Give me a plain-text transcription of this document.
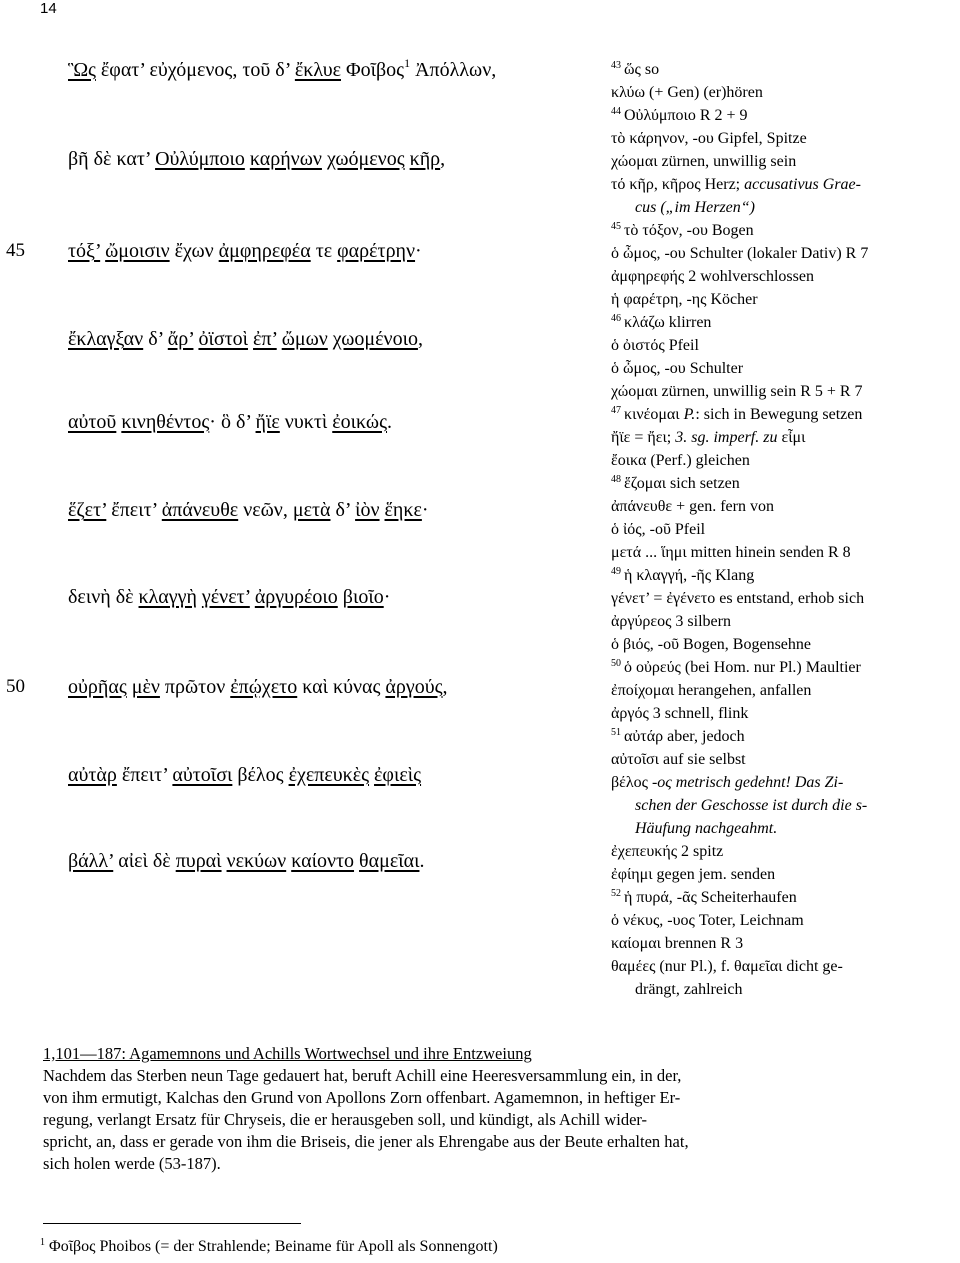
14
45
50
Ὣς ἔφατ’ εὐχόμενος, τοῦ δ’ ἔκλυε Φοῖβος$^1$ Ἀπόλλων,
βῆ δὲ κατ’ Οὐλύμποιο καρήνων χωόμενος κῆρ,
τόξ’ ὤμοισιν ἔχων ἀμφηρεφέα τε φαρέτρην·
ἔκλαγξαν δ’ ἄρ’ ὀϊστοὶ ἐπ’ ὤμων χωομένοιο,
αὐτοῦ κινηθέντος· ὃ δ’ ἤϊε νυκτὶ ἐοικώς.
ἕζετ’ ἔπειτ’ ἀπάνευθε νεῶν, μετὰ δ’ ἰὸν ἕηκε·
δεινὴ δὲ κλαγγὴ γένετ’ ἀργυρέοιο βιοῖο·
οὐρῆας μὲν πρῶτον ἐπῴχετο καὶ κύνας ἀργούς,
αὐτὰρ ἔπειτ’ αὐτοῖσι βέλος ἐχεπευκὲς ἐφιεὶς
βάλλ’ αἰεὶ δὲ πυραὶ νεκύων καίοντο θαμεῖαι.
$^{43}$ ὥς so
κλύω (+ Gen) (er)hören
$^{44}$ Οὐλύμποιο R 2 + 9
τὸ κάρηνον, -ου Gipfel, Spitze
χώομαι zürnen, unwillig sein
τό κῆρ, κῆρος Herz; accusativus Grae-
cus („im Herzen“)
$^{45}$ τὸ τόξον, -ου Bogen
ὁ ὦμος, -ου Schulter (lokaler Dativ) R 7
ἀμφηρεφής 2 wohlverschlossen
ἡ φαρέτρη, -ης Köcher
$^{46}$ κλάζω klirren
ὁ ὀιστός Pfeil
ὁ ὦμος, -ου Schulter
χώομαι zürnen, unwillig sein R 5 + R 7
$^{47}$ κινέομαι P.: sich in Bewegung setzen
ἤϊε = ἤει; 3. sg. imperf. zu εἶμι
ἔοικα (Perf.) gleichen
$^{48}$ ἕζομαι sich setzen
ἀπάνευθε + gen. fern von
ὁ ἰός, -οῦ Pfeil
μετά ... ἵημι mitten hinein senden R 8
$^{49}$ ἡ κλαγγή, -ῆς Klang
γένετ’ = ἐγένετο es entstand, erhob sich
ἀργύρεος 3 silbern
ὁ βιός, -οῦ Bogen, Bogensehne
$^{50}$ ὁ οὐρεύς (bei Hom. nur Pl.) Maultier
ἐποίχομαι herangehen, anfallen
ἀργός 3 schnell, flink
$^{51}$ αὐτάρ aber, jedoch
αὐτοῖσι auf sie selbst
βέλος -ος metrisch gedehnt! Das Zi-
schen der Geschosse ist durch die s-
Häufung nachgeahmt.
ἐχεπευκής 2 spitz
ἐφίημι gegen jem. senden
$^{52}$ ἡ πυρά, -ᾶς Scheiterhaufen
ὁ νέκυς, -υος Toter, Leichnam
καίομαι brennen R 3
θαμέες (nur Pl.), f. θαμεῖαι dicht ge-
drängt, zahlreich
1,101—187: Agamemnons und Achills Wortwechsel und ihre Entzweiung
Nachdem das Sterben neun Tage gedauert hat, beruft Achill eine Heeresversammlung ein, in der,
von ihm ermutigt, Kalchas den Grund von Apollons Zorn offenbart. Agamemnon, in heftiger Er-
regung, verlangt Ersatz für Chryseis, die er herausgeben soll, und kündigt, als Achill wider-
spricht, an, dass er gerade von ihm die Briseis, die jener als Ehrengabe aus der Beute erhalten hat,
sich holen werde (53-187).
$^1$ Φοῖβος Phoibos (= der Strahlende; Beiname für Apoll als Sonnengott)
